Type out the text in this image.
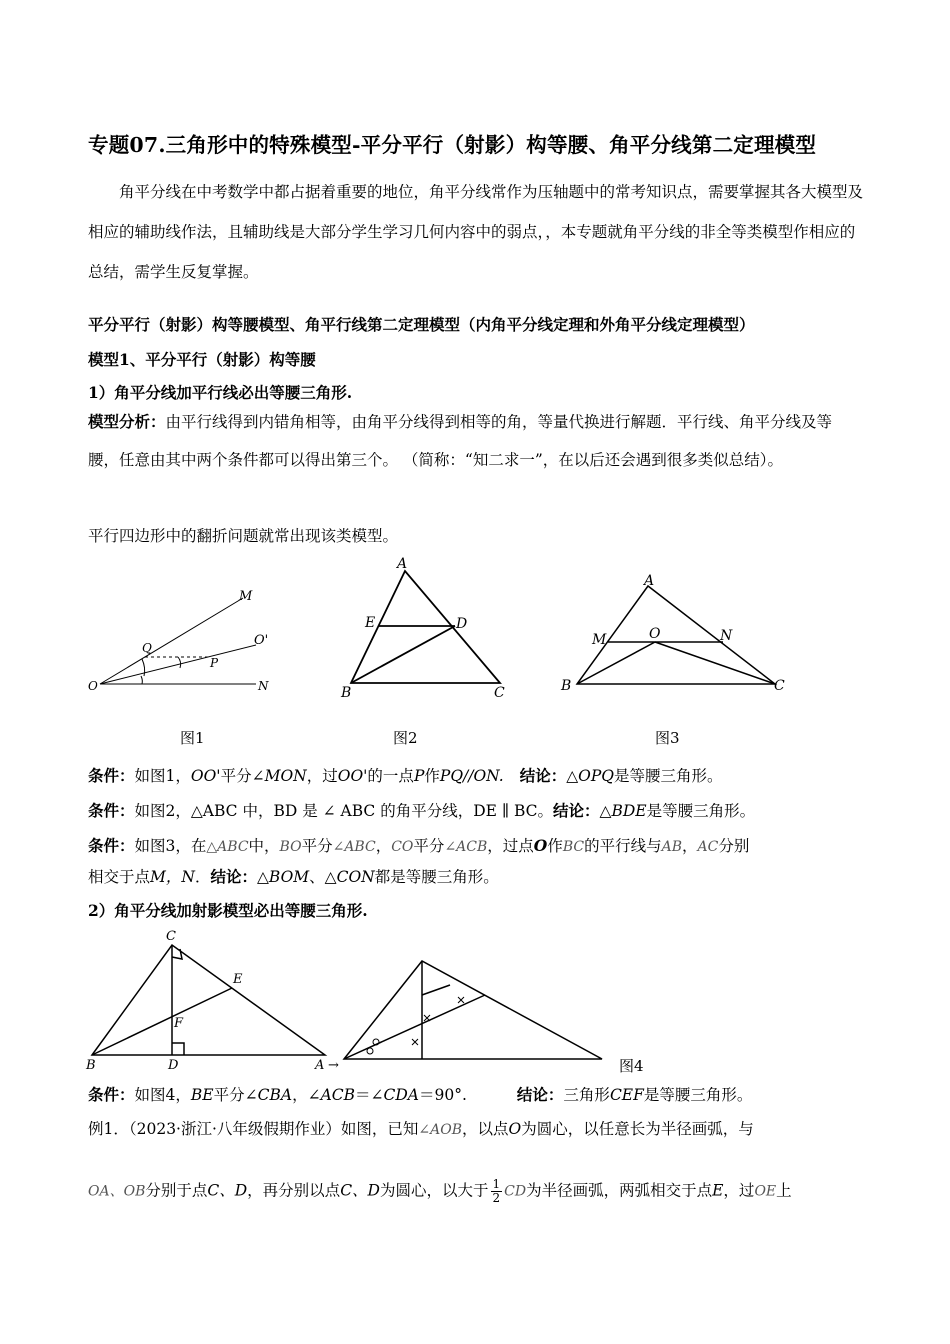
专题07.三角形中的特殊模型-平分平行（射影）构等腰、角平分线第二定理模型
角平分线在中考数学中都占据着重要的地位，角平分线常作为压轴题中的常考知识点，需要掌握其各大模型及相应的辅助线作法，且辅助线是大部分学生学习几何内容中的弱点，，本专题就角平分线的非全等类模型作相应的总结，需学生反复掌握。
平分平行（射影）构等腰模型、角平行线第二定理模型（内角平分线定理和外角平分线定理模型）
模型1、平分平行（射影）构等腰
1）角平分线加平行线必出等腰三角形.
模型分析：由平行线得到内错角相等，由角平分线得到相等的角，等量代换进行解题．平行线、角平分线及等腰，任意由其中两个条件都可以得出第三个。 （简称：“知二求一”，在以后还会遇到很多类似总结）。
平行四边形中的翻折问题就常出现该类模型。
M
Q	O'
P
O	N
A
E	D
B	C
A
M	O	N
B	C
图1	图2	图3
条件：如图1，OO'平分∠MON，过OO'的一点P作PQ//ON. 结论：△OPQ是等腰三角形。
条件：如图2，△ABC 中，BD 是 ∠ ABC 的角平分线，DE ∥ BC。结论：△BDE是等腰三角形。
条件：如图3，在△ABC中，BO平分∠ABC，CO平分∠ACB，过点O作BC的平行线与AB，AC分别
相交于点M，N．结论：△BOM、△CON都是等腰三角形。
2）角平分线加射影模型必出等腰三角形.
C
E
F
B	D	A →	图4
条件：如图4，BE平分∠CBA，∠ACB＝∠CDA＝90°.	结论：三角形CEF是等腰三角形。
例1．（2023·浙江·八年级假期作业）如图，已知∠AOB，以点O为圆心，以任意长为半径画弧，与
OA、OB分别于点C、D，再分别以点C、D为圆心，以大于 $\frac{1}{2}$ CD为半径画弧，两弧相交于点E，过OE上
